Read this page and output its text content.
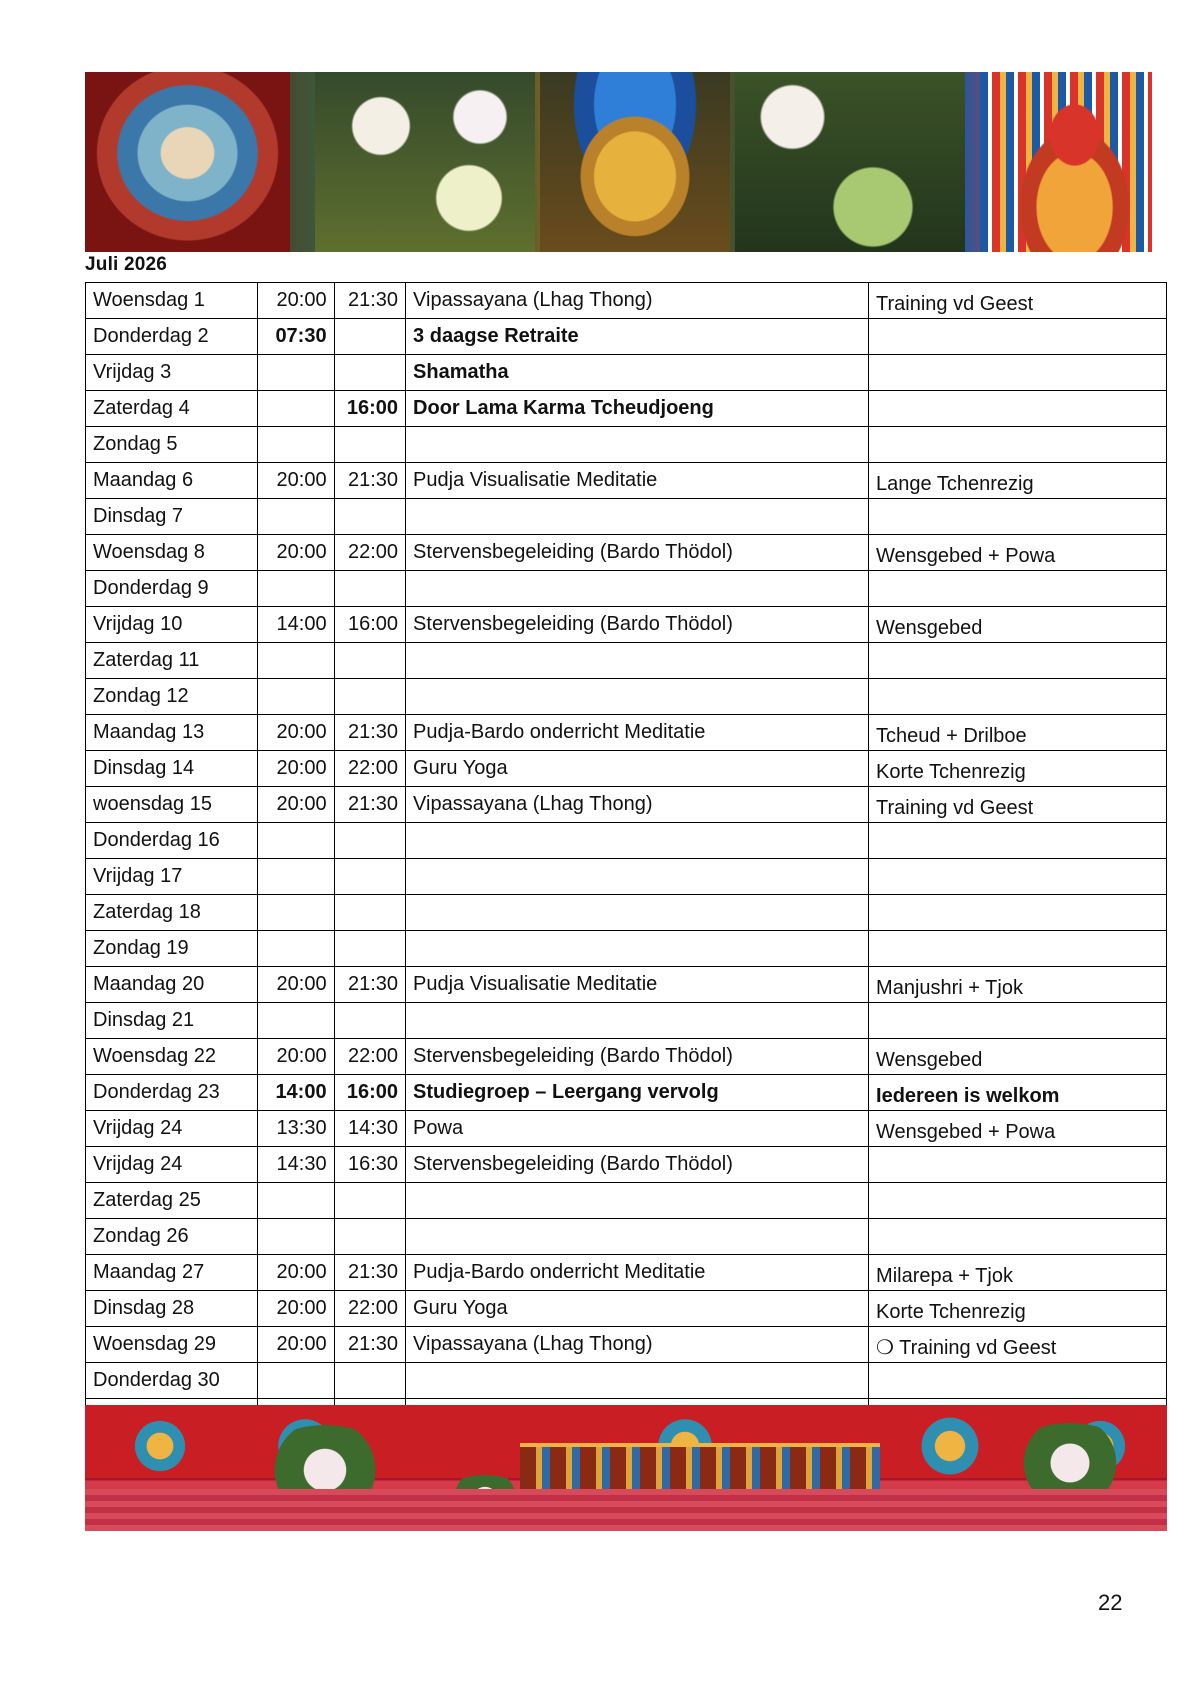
Juli 2026
Woensdag 1	20:00	21:30	Vipassayana (Lhag Thong)	Training vd Geest
Donderdag 2	07:30		3 daagse Retraite	
Vrijdag 3			Shamatha	
Zaterdag 4		16:00	Door Lama Karma Tcheudjoeng	
Zondag 5				
Maandag 6	20:00	21:30	Pudja Visualisatie Meditatie	Lange Tchenrezig
Dinsdag 7				
Woensdag 8	20:00	22:00	Stervensbegeleiding (Bardo Thödol)	Wensgebed + Powa
Donderdag 9				
Vrijdag 10	14:00	16:00	Stervensbegeleiding (Bardo Thödol)	Wensgebed
Zaterdag 11				
Zondag 12				
Maandag 13	20:00	21:30	Pudja-Bardo onderricht Meditatie	Tcheud + Drilboe
Dinsdag 14	20:00	22:00	Guru Yoga	Korte Tchenrezig
woensdag 15	20:00	21:30	Vipassayana (Lhag Thong)	Training vd Geest
Donderdag 16				
Vrijdag 17				
Zaterdag 18				
Zondag 19				
Maandag 20	20:00	21:30	Pudja Visualisatie Meditatie	Manjushri + Tjok
Dinsdag 21				
Woensdag 22	20:00	22:00	Stervensbegeleiding (Bardo Thödol)	Wensgebed
Donderdag 23	14:00	16:00	Studiegroep – Leergang vervolg	Iedereen is welkom
Vrijdag 24	13:30	14:30	Powa	Wensgebed + Powa
Vrijdag 24	14:30	16:30	Stervensbegeleiding (Bardo Thödol)	
Zaterdag 25				
Zondag 26				
Maandag 27	20:00	21:30	Pudja-Bardo onderricht Meditatie	Milarepa + Tjok
Dinsdag 28	20:00	22:00	Guru Yoga	Korte Tchenrezig
Woensdag 29	20:00	21:30	Vipassayana (Lhag Thong)	❍ Training vd Geest
Donderdag 30				

22
